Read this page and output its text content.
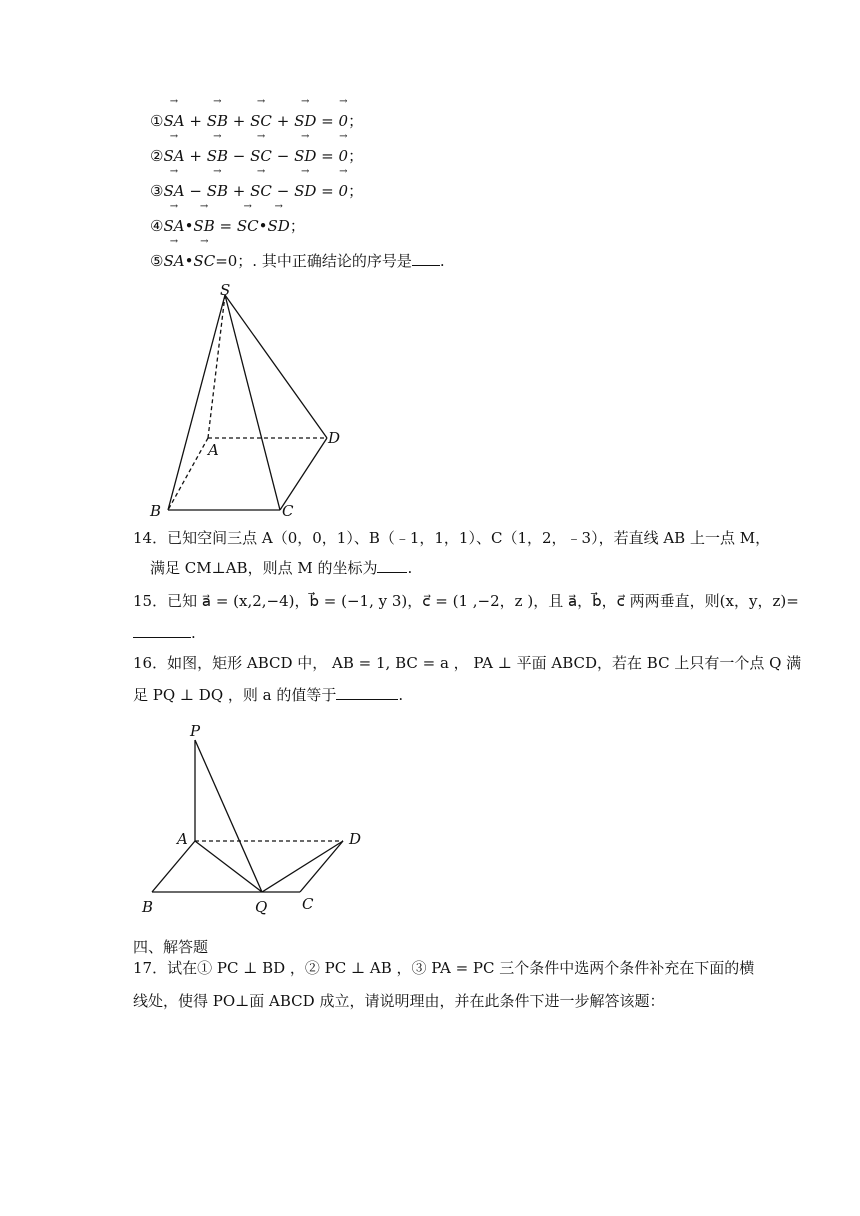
①→ SA + → SB + → SC + → SD = → 0；
②→ SA + → SB − → SC − → SD = → 0；
③→ SA − → SB + → SC − → SD = → 0；
④→ SA•→ SB = → SC•→ SD；
⑤→ SA•→ SC=0；. 其中正确结论的序号是 .
S
A
B	C
D
14．已知空间三点 A（0，0，1）、B（﹣1，1，1）、C（1，2，﹣3），若直线 AB 上一点 M，
满足 CM⊥AB，则点 M 的坐标为 .
15．已知 a⃗ = (x,2,−4)，b⃗ = (−1, y 3)，c⃗ = (1 ,−2，z )，且 a⃗，b⃗，c⃗ 两两垂直，则(x，y，z)=
.
16．如图，矩形 ABCD 中， AB = 1, BC = a ， PA ⊥ 平面 ABCD，若在 BC 上只有一个点 Q 满
足 PQ ⊥ DQ ，则 a 的值等于	.
P
A
B	Q C
D
四、解答题
17．试在① PC ⊥ BD ，② PC ⊥ AB ，③ PA = PC 三个条件中选两个条件补充在下面的横
线处，使得 PO⊥面 ABCD 成立，请说明理由，并在此条件下进一步解答该题：
